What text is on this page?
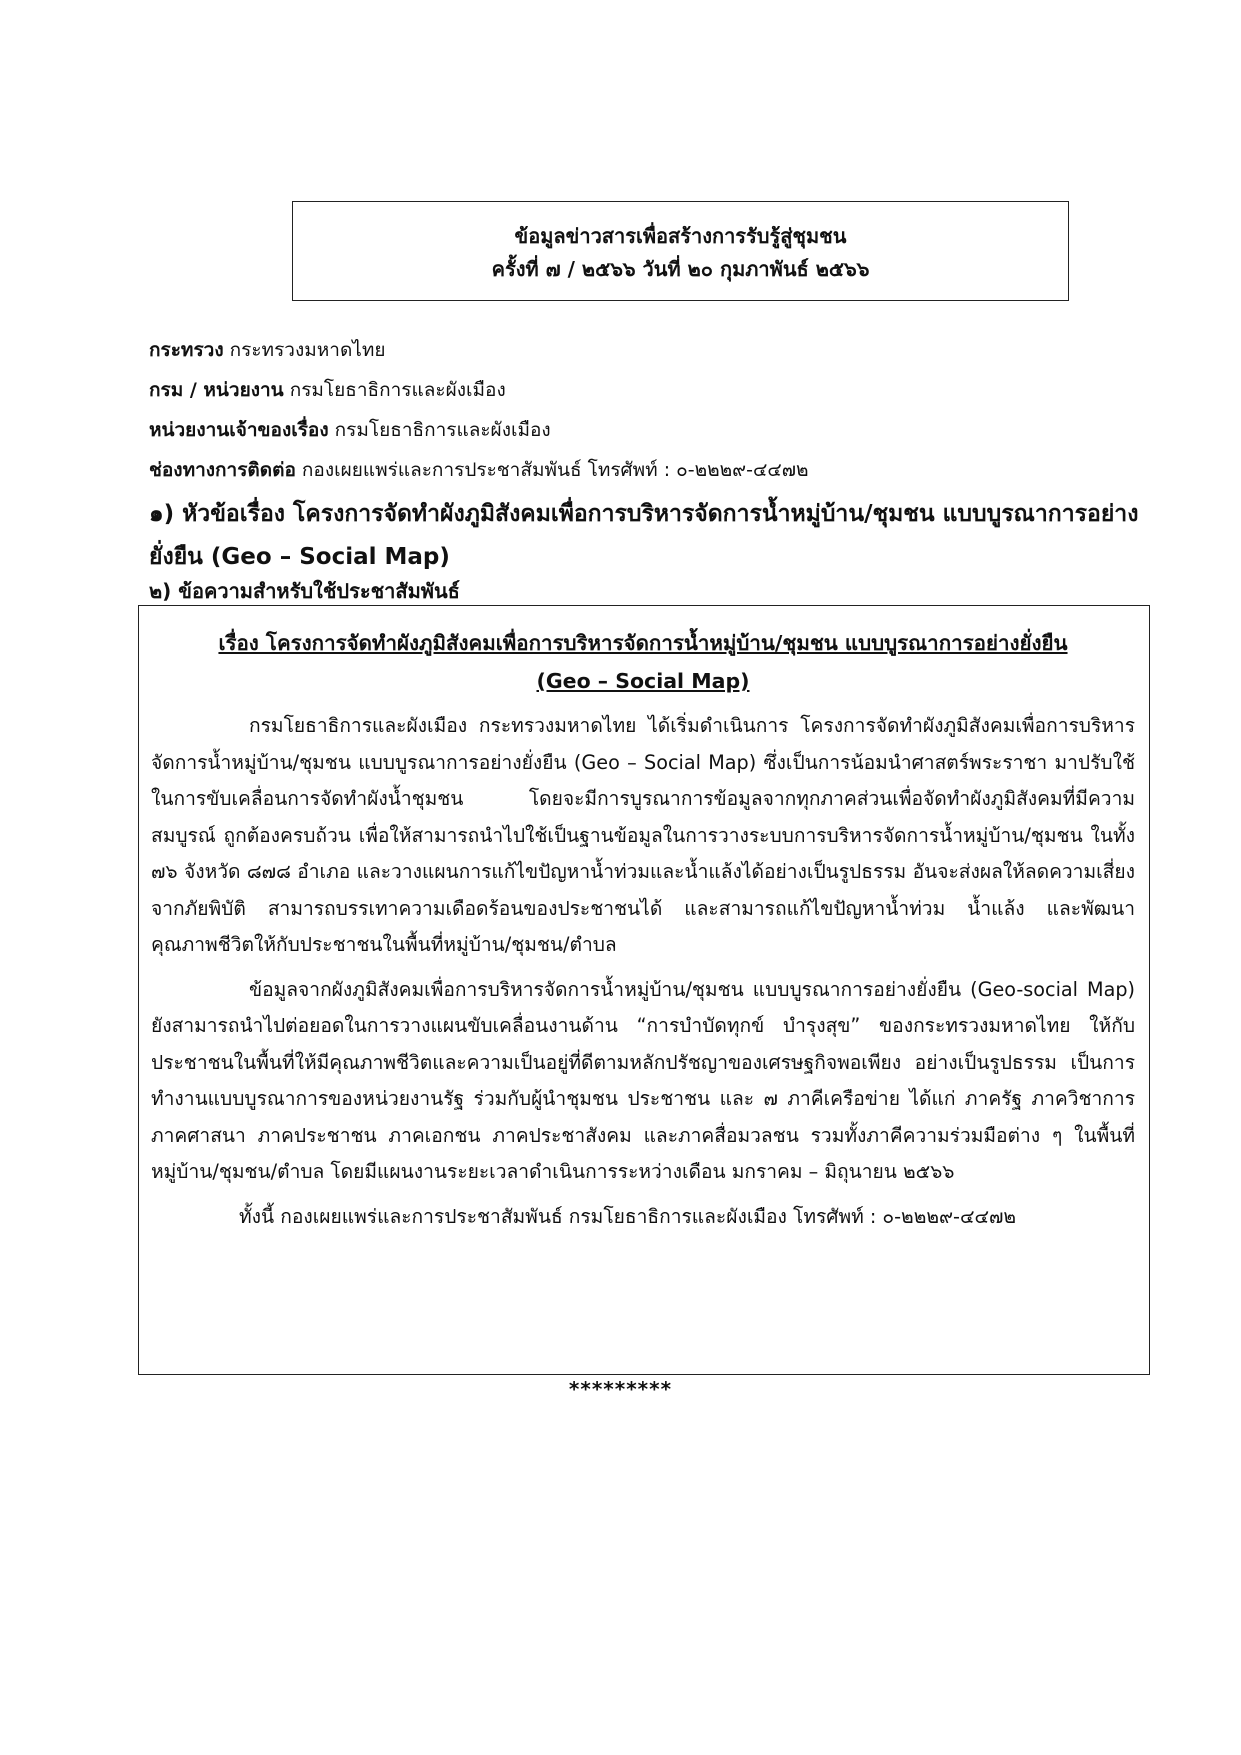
ข้อมูลข่าวสารเพื่อสร้างการรับรู้สู่ชุมชน
ครั้งที่ ๗ / ๒๕๖๖ วันที่ ๒๐ กุมภาพันธ์ ๒๕๖๖
กระทรวง กระทรวงมหาดไทย
กรม / หน่วยงาน กรมโยธาธิการและผังเมือง
หน่วยงานเจ้าของเรื่อง กรมโยธาธิการและผังเมือง
ช่องทางการติดต่อ กองเผยแพร่และการประชาสัมพันธ์ โทรศัพท์ : ๐-๒๒๒๙-๔๔๗๒
๑) หัวข้อเรื่อง โครงการจัดทำผังภูมิสังคมเพื่อการบริหารจัดการน้ำหมู่บ้าน/ชุมชน แบบบูรณาการอย่างยั่งยืน (Geo – Social Map)
๒) ข้อความสำหรับใช้ประชาสัมพันธ์
เรื่อง โครงการจัดทำผังภูมิสังคมเพื่อการบริหารจัดการน้ำหมู่บ้าน/ชุมชน แบบบูรณาการอย่างยั่งยืน
(Geo – Social Map)

กรมโยธาธิการและผังเมือง กระทรวงมหาดไทย ได้เริ่มดำเนินการ โครงการจัดทำผังภูมิสังคมเพื่อการบริหารจัดการน้ำหมู่บ้าน/ชุมชน แบบบูรณาการอย่างยั่งยืน (Geo – Social Map) ซึ่งเป็นการน้อมนำศาสตร์พระราชา มาปรับใช้ในการขับเคลื่อนการจัดทำผังน้ำชุมชน โดยจะมีการบูรณาการข้อมูลจากทุกภาคส่วนเพื่อจัดทำผังภูมิสังคมที่มีความสมบูรณ์ ถูกต้องครบถ้วน เพื่อให้สามารถนำไปใช้เป็นฐานข้อมูลในการวางระบบการบริหารจัดการน้ำหมู่บ้าน/ชุมชน ในทั้ง ๗๖ จังหวัด ๘๗๘ อำเภอ และวางแผนการแก้ไขปัญหาน้ำท่วมและน้ำแล้งได้อย่างเป็นรูปธรรม อันจะส่งผลให้ลดความเสี่ยงจากภัยพิบัติ สามารถบรรเทาความเดือดร้อนของประชาชนได้ และสามารถแก้ไขปัญหาน้ำท่วม น้ำแล้ง และพัฒนาคุณภาพชีวิตให้กับประชาชนในพื้นที่หมู่บ้าน/ชุมชน/ตำบล

ข้อมูลจากผังภูมิสังคมเพื่อการบริหารจัดการน้ำหมู่บ้าน/ชุมชน แบบบูรณาการอย่างยั่งยืน (Geo-social Map) ยังสามารถนำไปต่อยอดในการวางแผนขับเคลื่อนงานด้าน “การบำบัดทุกข์ บำรุงสุข” ของกระทรวงมหาดไทย ให้กับประชาชนในพื้นที่ให้มีคุณภาพชีวิตและความเป็นอยู่ที่ดีตามหลักปรัชญาของเศรษฐกิจพอเพียง อย่างเป็นรูปธรรม เป็นการทำงานแบบบูรณาการของหน่วยงานรัฐ ร่วมกับผู้นำชุมชน ประชาชน และ ๗ ภาคีเครือข่าย ได้แก่ ภาครัฐ ภาควิชาการ ภาคศาสนา ภาคประชาชน ภาคเอกชน ภาคประชาสังคม และภาคสื่อมวลชน รวมทั้งภาคีความร่วมมือต่าง ๆ ในพื้นที่หมู่บ้าน/ชุมชน/ตำบล โดยมีแผนงานระยะเวลาดำเนินการระหว่างเดือน มกราคม – มิถุนายน ๒๕๖๖

ทั้งนี้ กองเผยแพร่และการประชาสัมพันธ์ กรมโยธาธิการและผังเมือง โทรศัพท์ : ๐-๒๒๒๙-๔๔๗๒

*********
